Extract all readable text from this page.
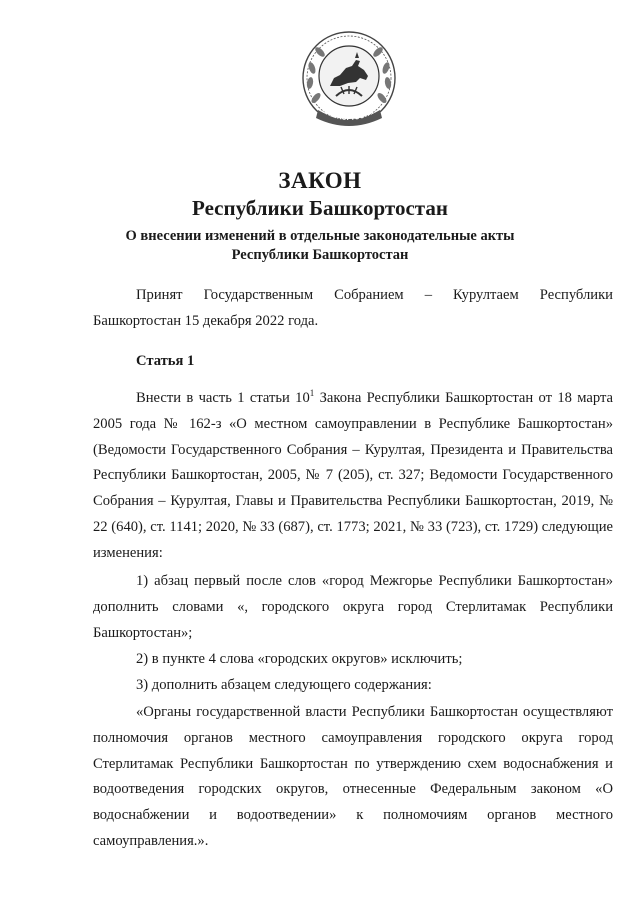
БАШКОРТОСТАН
ЗАКОН
Республики Башкортостан

О внесении изменений в отдельные законодательные акты

Республики Башкортостан

Принят Государственным Собранием – Курултаем Республики Башкортостан 15 декабря 2022 года.

Статья 1

Внести в часть 1 статьи $10^1$ Закона Республики Башкортостан от 18 марта 2005 года № 162-з «О местном самоуправлении в Республике Башкортостан» (Ведомости Государственного Собрания – Курултая, Президента и Правительства Республики Башкортостан, 2005, № 7 (205), ст. 327; Ведомости Государственного Собрания – Курултая, Главы и Правительства Республики Башкортостан, 2019, № 22 (640), ст. 1141; 2020, № 33 (687), ст. 1773; 2021, № 33 (723), ст. 1729) следующие изменения:

1) абзац первый после слов «город Межгорье Республики Башкортостан» дополнить словами «, городского округа город Стерлитамак Республики Башкортостан»;

2) в пункте 4 слова «городских округов» исключить;

3) дополнить абзацем следующего содержания:

«Органы государственной власти Республики Башкортостан осуществляют полномочия органов местного самоуправления городского округа город Стерлитамак Республики Башкортостан по утверждению схем водоснабжения и водоотведения городских округов, отнесенные Федеральным законом «О водоснабжении и водоотведении» к полномочиям органов местного самоуправления.».
